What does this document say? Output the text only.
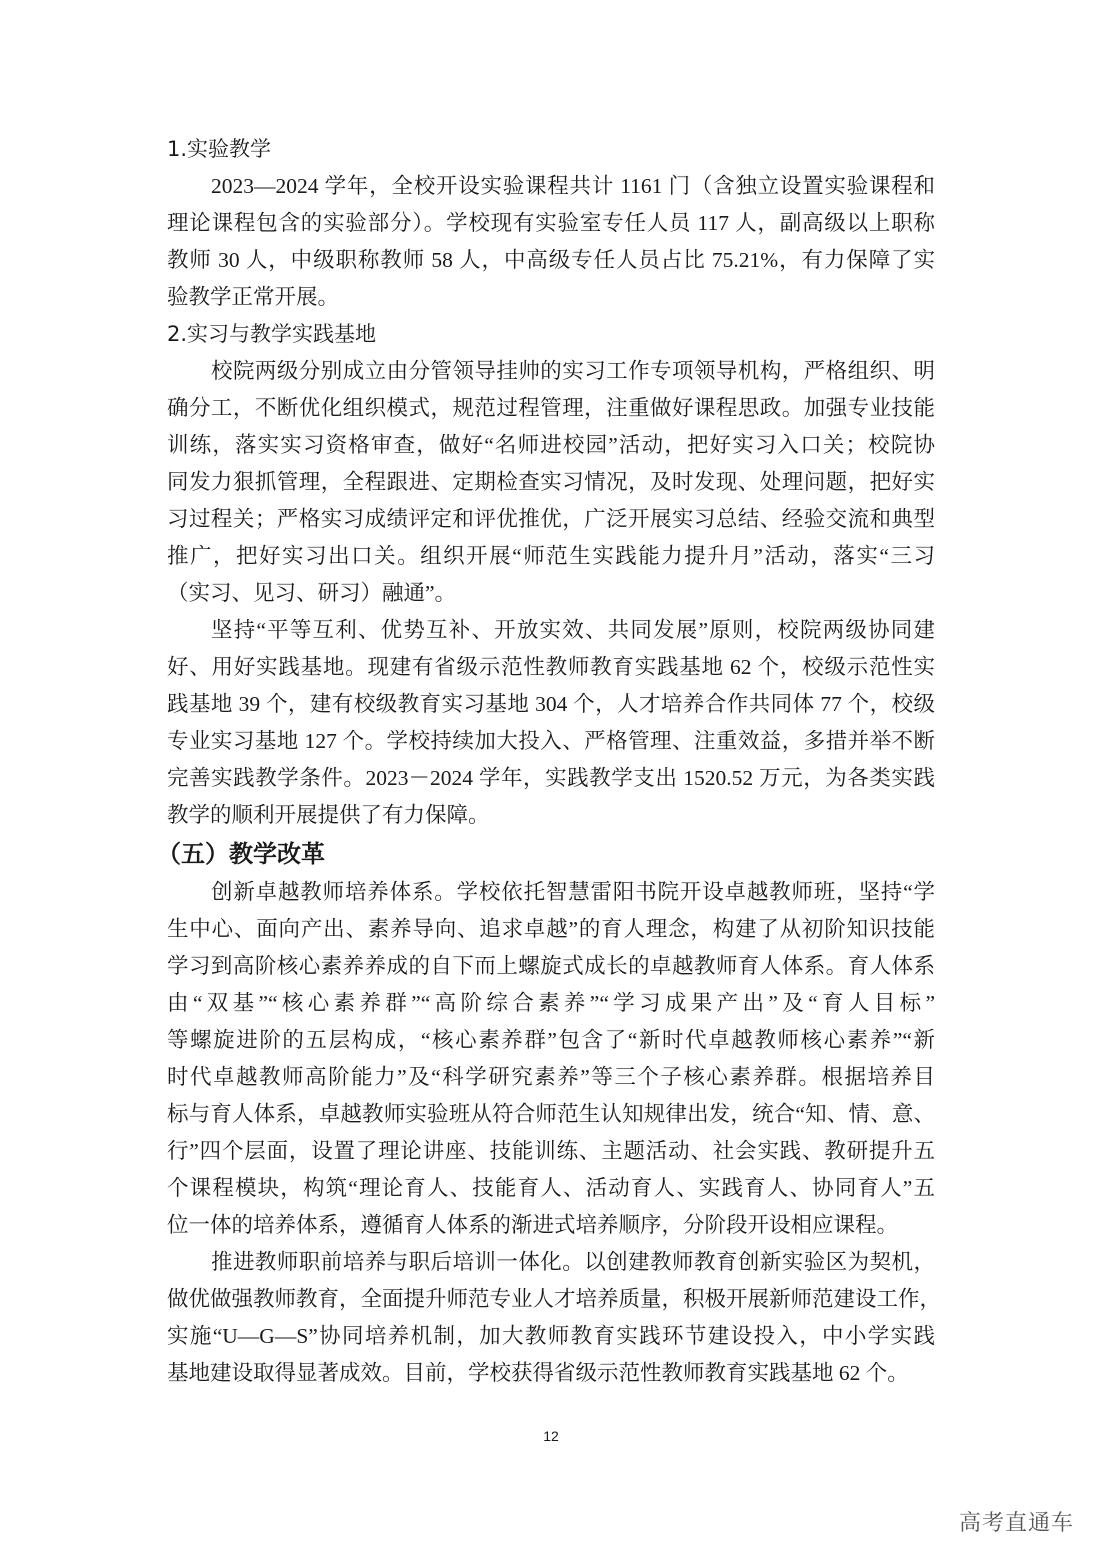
1.实验教学
2023—2024 学年，全校开设实验课程共计 1161 门（含独立设置实验课程和
理论课程包含的实验部分）。学校现有实验室专任人员 117 人，副高级以上职称
教师 30 人，中级职称教师 58 人，中高级专任人员占比 75.21%，有力保障了实
验教学正常开展。
2.实习与教学实践基地
校院两级分别成立由分管领导挂帅的实习工作专项领导机构，严格组织、明
确分工，不断优化组织模式，规范过程管理，注重做好课程思政。加强专业技能
训练，落实实习资格审查，做好“名师进校园”活动，把好实习入口关；校院协
同发力狠抓管理，全程跟进、定期检查实习情况，及时发现、处理问题，把好实
习过程关；严格实习成绩评定和评优推优，广泛开展实习总结、经验交流和典型
推广，把好实习出口关。组织开展“师范生实践能力提升月”活动，落实“三习
（实习、见习、研习）融通”。
坚持“平等互利、优势互补、开放实效、共同发展”原则，校院两级协同建
好、用好实践基地。现建有省级示范性教师教育实践基地 62 个，校级示范性实
践基地 39 个，建有校级教育实习基地 304 个，人才培养合作共同体 77 个，校级
专业实习基地 127 个。学校持续加大投入、严格管理、注重效益，多措并举不断
完善实践教学条件。2023－2024 学年，实践教学支出 1520.52 万元，为各类实践
教学的顺利开展提供了有力保障。
（五）教学改革
创新卓越教师培养体系。学校依托智慧雷阳书院开设卓越教师班，坚持“学
生中心、面向产出、素养导向、追求卓越”的育人理念，构建了从初阶知识技能
学习到高阶核心素养养成的自下而上螺旋式成长的卓越教师育人体系。育人体系
由“双基”“核心素养群”“高阶综合素养”“学习成果产出”及“育人目标”
等螺旋进阶的五层构成，“核心素养群”包含了“新时代卓越教师核心素养”“新
时代卓越教师高阶能力”及“科学研究素养”等三个子核心素养群。根据培养目
标与育人体系，卓越教师实验班从符合师范生认知规律出发，统合“知、情、意、
行”四个层面，设置了理论讲座、技能训练、主题活动、社会实践、教研提升五
个课程模块，构筑“理论育人、技能育人、活动育人、实践育人、协同育人”五
位一体的培养体系，遵循育人体系的渐进式培养顺序，分阶段开设相应课程。
推进教师职前培养与职后培训一体化。以创建教师教育创新实验区为契机，
做优做强教师教育，全面提升师范专业人才培养质量，积极开展新师范建设工作，
实施“U—G—S”协同培养机制，加大教师教育实践环节建设投入，中小学实践
基地建设取得显著成效。目前，学校获得省级示范性教师教育实践基地 62 个。
12
高考直通车
